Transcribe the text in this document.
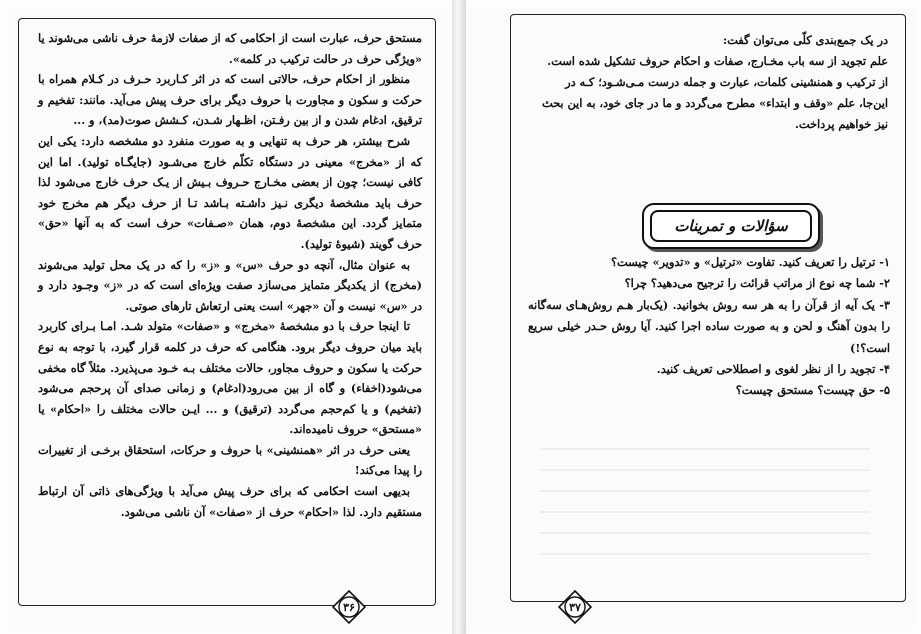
مستحق حرف، عبارت است از احکامی که از صفات لازمهٔ حرف ناشی می‌شوند یا «ویژگی حرف در حالت ترکیب در کلمه».

منظور از احکام حرف، حالاتی است که در اثر کـاربرد حـرف در کـلام همراه با حرکت و سکون و مجاورت با حروف دیگر برای حرف پیش می‌آید. مانند: تفخیم و ترقیق، ادغام شدن و از بین رفـتن، اظـهار شـدن، کـشش صوت(مد)، و ...

شرح بیشتر، هر حرف به تنهایی و به صورت منفرد دو مشخصه دارد: یکی این که از «مخرج» معینی در دستگاه تکلّم خارج می‌شـود (جایگـاه تولید). اما این کافی نیست؛ چون از بعضی مخـارج حـروف بـیش از یـک حرف خارج می‌شود لذا حرف باید مشخصهٔ دیگری نـیز داشـته بـاشد تـا از حرف دیگر هم مخرج خود متمایز گردد. این مشخصهٔ دوم، همان «صـفات» حرف است که به آنها «حق» حرف گویند (شیوهٔ تولید).

به عنوان مثال، آنچه دو حرف «س» و «ز» را که در یک محل تولید می‌شوند (مخرج) از یکدیگر متمایز می‌سازد صفت ویژه‌ای است که در «ز» وجـود دارد و در «س» نیست و آن «جهر» است یعنی ارتعاش تارهای صوتی.

تا اینجا حرف با دو مشخصهٔ «مخرج» و «صفات» متولد شـد. امـا بـرای کاربرد باید میان حروف دیگر برود. هنگامی که حرف در کلمه قرار گیرد، با توجه به نوع حرکت یا سکون و حروف مجاور، حالات مختلف بـه خـود می‌پذیرد. مثلاً گاه مخفی می‌شود(اخفاء) و گاه از بین می‌رود(ادغام) و زمانی صدای آن پرحجم می‌شود (تفخیم) و یا کم‌حجم می‌گردد (ترقیق) و ... ایـن حالات مختلف را «احکام» یا «مستحق» حروف نامیده‌اند.

یعنی حرف در اثر «همنشینی» با حروف و حرکات، استحقاق برخـی از تغییرات را پیدا می‌کند!

بدیهی است احکامی که برای حرف پیش می‌آید با ویژگی‌های ذاتی آن ارتباط مستقیم دارد. لذا «احکام» حرف از «صفات» آن ناشی می‌شود.

۳۶

در یک جمع‌بندی کلّی می‌توان گفت:

علم تجوید از سه باب مخـارج، صفات و احکام حروف تشکیل شده است.

از ترکیب و همنشینی کلمات، عبارت و جمله درست مـی‌شـود؛ کـه در

این‌جا، علم «وقف و ابتداء» مطرح می‌گردد و ما در جای خود، به این بحث

نیز خواهیم پرداخت.

سؤالات و تمرینات

۱- ترتیل را تعریف کنید. تفاوت «ترتیل» و «تدویر» چیست؟

۲- شما چه نوع از مراتب قرائت را ترجیح می‌دهید؟ چرا؟

۳- یک آیه از قرآن را به هر سه روش بخوانید. (یک‌بار هـم روش‌هـای سه‌گانه را بدون آهنگ و لحن و به صورت ساده اجرا کنید. آیا روش حـدر خیلی سریع است؟!)

۴- تجوید را از نظر لغوی و اصطلاحی تعریف کنید.

۵- حق چیست؟ مستحق چیست؟

۳۷
